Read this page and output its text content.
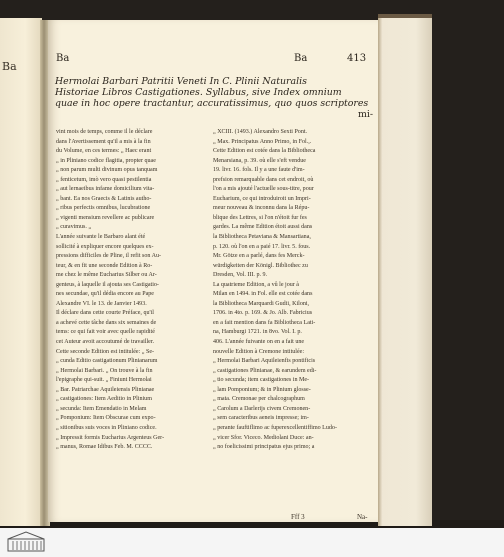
Ba
Ba	Ba	413
Hermolai Barbari Patritii Veneti In C. Plinii Naturalis
Historiae Libros Castigationes. Syllabus, sive Index omnium
quae in hoc opere tractantur, accuratissimus, quo quos scriptores
mi-
vint mois de temps, comme il le déclare
dans l'Avertissement qu'il a mis à la fin
du Volume, en ces termes: „ Haec erant
„ in Pliniano codice flagitia, propter quae
„ non parum multi divinum opus tanquam
„ fenticetum, imò vero quasi pestilentia
„ aut lernaeibus infame domicilium vita-
„ bant. Ea nos Graecis & Latinis autho-
„ ribus perfectis omnibus, lucubratione
„ vigenti mensium revellere ac publicare
„ curavimus. „
L'année suivante le Barbaro alant été
sollicité à expliquer encore quelques ex-
pressions difficiles de Pline, il refit son Au-
teur, & en fit une seconde Edition à Ro-
me chez le même Eucharius Silber ou Ar-
genteus, à laquelle il ajouta ses Castigatio-
nes secundae, qu'il dédia encore au Pape
Alexandre VI. le 13. de Janvier 1493.
Il déclare dans cette courte Préface, qu'il
a achevé cette tâche dans six semaines de
tems: ce qui fait voir avec quelle rapidité
cet Auteur avoit accoutumé de travailler.
Cette seconde Edition est intitulée: „ Se-
„ cunda Editio castigationum Plinianarum
„ Hermolai Barbari. „ On trouve à la fin
l'epigraphe qui-suit. „ Finiunt Hermolai
„ Bar. Patriarchae Aquileiensis Plinianae
„ castigationes: Item Aeditio in Plinium
„ secunda: Item Emendatio in Melam
„ Pomponium: Item Obscurae cum expo-
„ sitionibus suis voces in Pliniano codice.
„ Impressit formis Eucharius Argenteus Ger-
„ manus, Romae Idibus Feb. M. CCCC.
„ XCIII. (1493.) Alexandro Sexti Pont.
„ Max. Principatus Anno Primo, in Fol.,.
Cette Edition est cotée dans la Bibliotheca
Menarsiana, p. 39. où elle s'eft vendue
19. livr. 16. fols. Il y a une faute d'im-
prefsion remarquable dans cet endroit, où
l'on a mis ajouté l'actuelle sous-titre, pour
Eucharium, ce qui introduiroit un Impri-
meur nouveau & inconnu dans la Répu-
blique des Lettres, si l'on n'étoit fur fes
gardes. La même Edition étoit aussi dans
la Bibliotheca Petaviana & Mansartiana,
p. 120. où l'on en a paié 17. livr. 5. fous.
Mr. Götze en a parlé, dans fes Merck-
würdigkeiten der Königl. Bibliothec zu
Dresden, Vol. III. p. 9.
La quatrieme Edition, a vû le jour à
Milan en 1494. in Fol. elle est cotée dans
la Bibliotheca Marquardi Gudii, Kiloni,
1706. in 4to. p. 169. & Jo. Alb. Fabricius
en a fait mention dans fa Bibliotheca Lati-
na, Hamburgi 1721. in 8vo. Vol. I. p.
406. L'année fuivante on en a fait une
nouvelle Edition à Cremone intitulée:
„ Hermolai Barbari Aquileienfis pontificis
„ castigationes Plinianae, & earundem edi-
„ tio secunda; item castigationes in Me-
„ lam Pomponium; & in Plinium glosse-
„ mata. Cremonae per chalcographum
„ Carolum a Darlerijs civem Cremonen-
„ sem caracteribus aeneis impresse; im-
„ perante fauftiflimo ac fuperexcellentiffimo Ludo-
„ vicer Sfor. Viceco. Mediolani Duce: an-
„ no foelicissimi principatus ejus primo; a
Fff 3	Na-
